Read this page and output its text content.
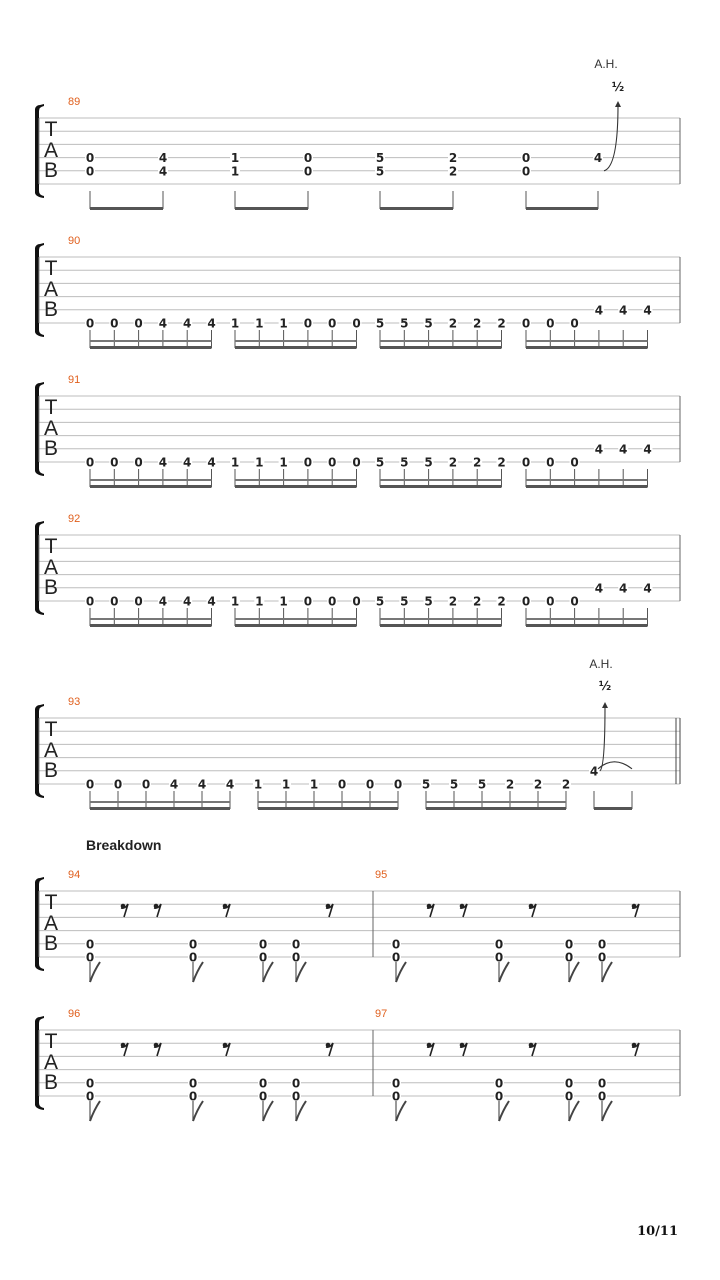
Breakdown
10/11
T
A
B
89
0
0
4
4
1
1
0
0
5
5
2
2
0
0
4
T
A
B
90
0 0 0 4 4 4 1 1 1 0 0 0 5 5 5 2 2 2 0 0 0
4 4 4
T
A
B
91
0 0 0 4 4 4 1 1 1 0 0 0 5 5 5 2 2 2 0 0 0
4 4 4
T
A
B
92
0 0 0 4 4 4 1 1 1 0 0 0 5 5 5 2 2 2 0 0 0
4 4 4
T
A
B
93
0 0 0 4 4 4 1 1 1 0 0 0 5 5 5 2 2 2
4
T
A
B
94
0
0
0
0
0
0
0
0
95
0
0
0
0
0
0
0
0
T
A
B
96
0
0
0
0
0
0
0
0
97
0
0
0
0
0
0
0
0
A.H.
½
A.H.
½
